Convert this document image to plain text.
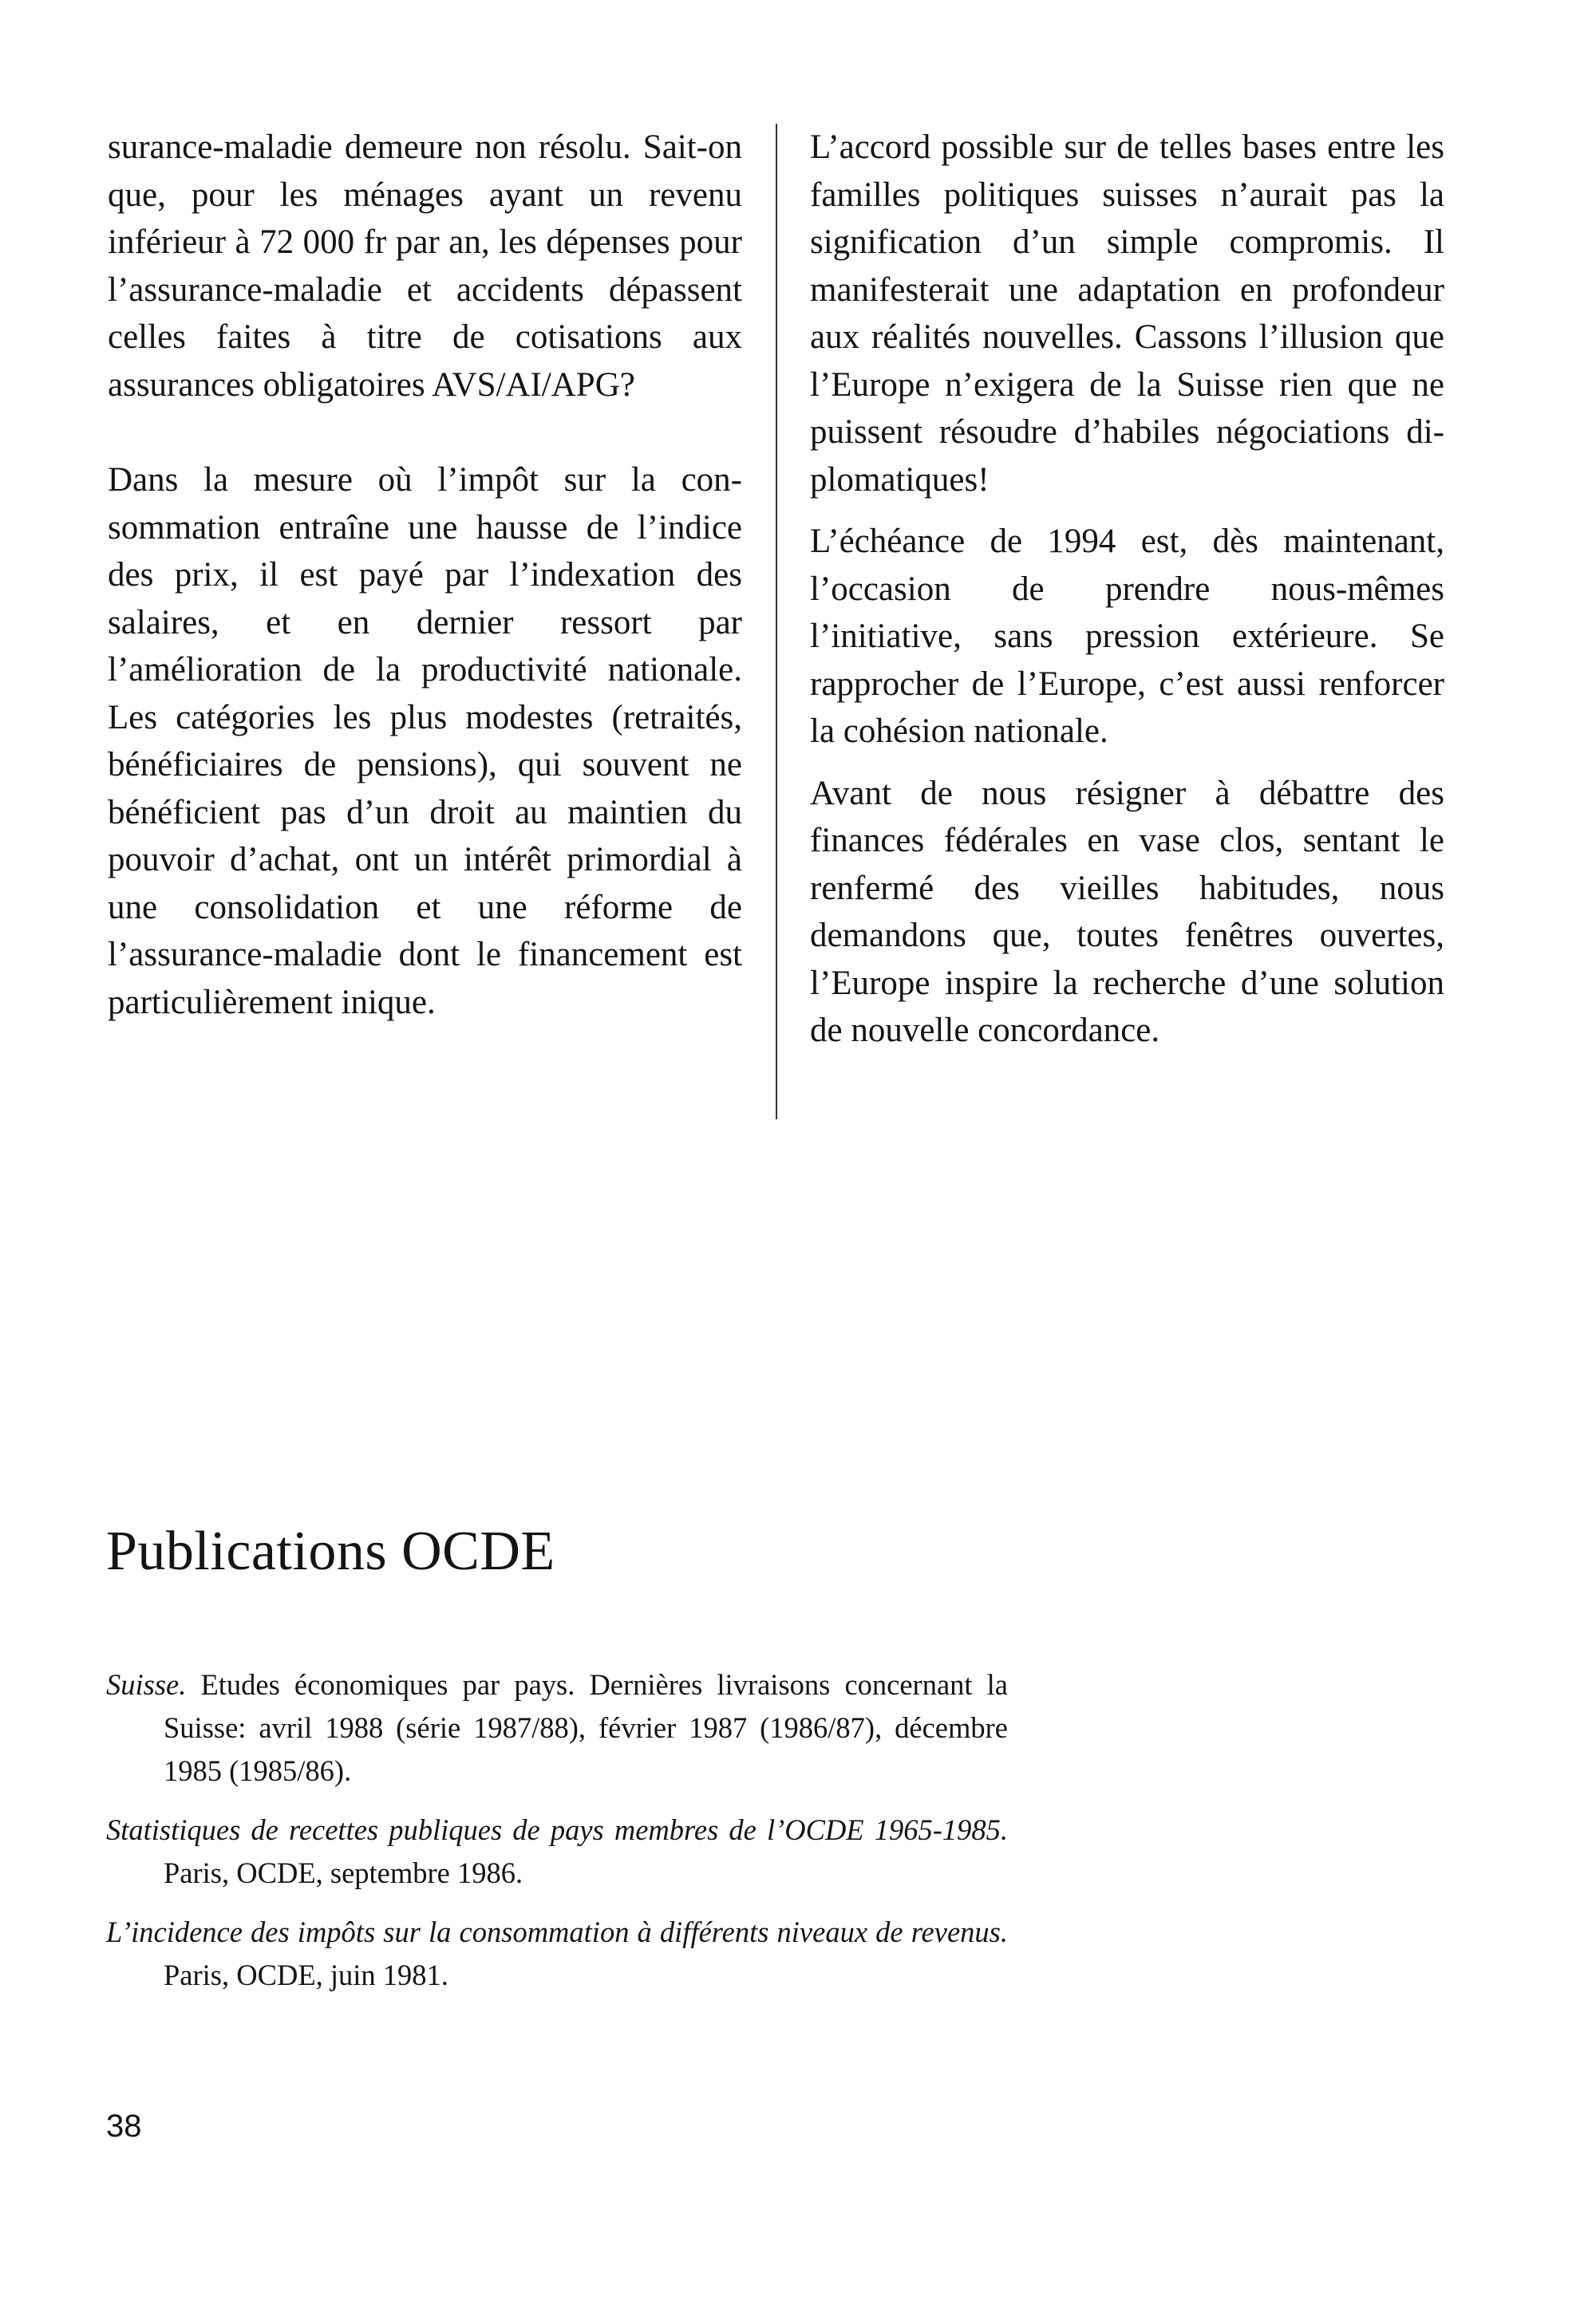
surance-maladie demeure non résolu. Sait-on que, pour les ménages ayant un revenu inférieur à 72 000 fr par an, les dépenses pour l’assurance-maladie et accidents dépassent celles faites à titre de cotisations aux assurances obligatoires AVS/AI/APG?

Dans la mesure où l’impôt sur la consommation entraîne une hausse de l’indice des prix, il est payé par l’indexation des salaires, et en dernier ressort par l’amélioration de la productivité nationale. Les catégories les plus modestes (retraités, bénéficiaires de pensions), qui souvent ne bénéficient pas d’un droit au maintien du pouvoir d’achat, ont un intérêt primordial à une consolidation et une réforme de l’assurance-maladie dont le financement est particulièrement inique.

L’accord possible sur de telles bases entre les familles politiques suisses n’aurait pas la signification d’un simple compromis. Il manifesterait une adaptation en profondeur aux réalités nouvelles. Cassons l’illusion que l’Europe n’exigera de la Suisse rien que ne puissent résoudre d’habiles négociations diplomatiques!

L’échéance de 1994 est, dès maintenant, l’occasion de prendre nous-mêmes l’initiative, sans pression extérieure. Se rapprocher de l’Europe, c’est aussi renforcer la cohésion nationale.

Avant de nous résigner à débattre des finances fédérales en vase clos, sentant le renfermé des vieilles habitudes, nous demandons que, toutes fenêtres ouvertes, l’Europe inspire la recherche d’une solution de nouvelle concordance.

Publications OCDE

Suisse. Etudes économiques par pays. Dernières livraisons concernant la Suisse: avril 1988 (série 1987/88), février 1987 (1986/87), décembre 1985 (1985/86).

Statistiques de recettes publiques de pays membres de l’OCDE 1965-1985. Paris, OCDE, septembre 1986.

L’incidence des impôts sur la consommation à différents niveaux de revenus. Paris, OCDE, juin 1981.

38
